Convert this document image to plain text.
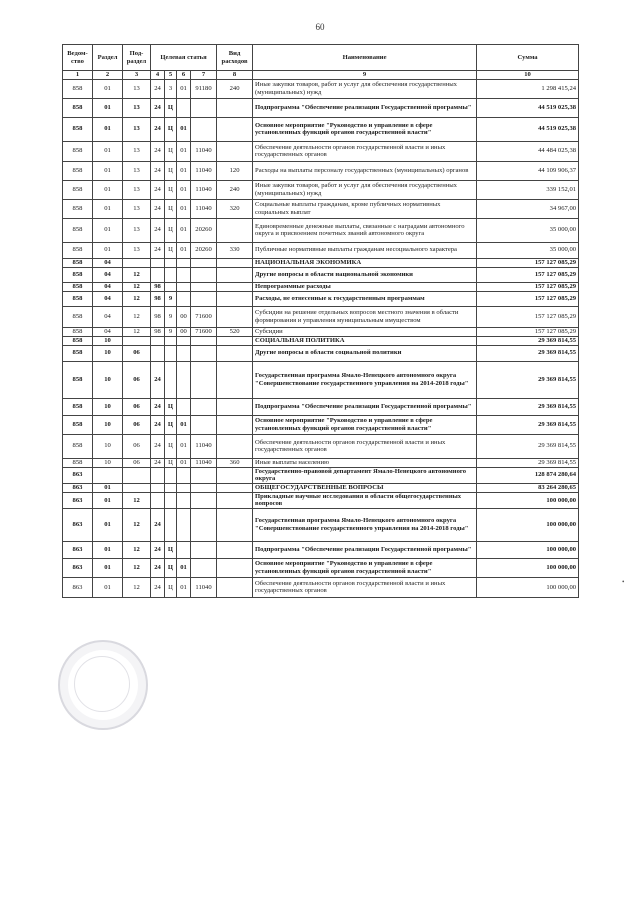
60
Ведом-ство	Раздел	Под-раздел	Целевая статья				Вид расходов	Наименование	Сумма
1	2	3	4	5	6	7	8	9	10
858	01	13	24	3	01	91180	240	Иные закупки товаров, работ и услуг для обеспечения государственных (муниципальных) нужд	1 298 415,24
858	01	13	24	Ц				Подпрограмма "Обеспечение реализации Государственной программы"	44 519 025,38
858	01	13	24	Ц	01			Основное мероприятие "Руководство и управление в сфере установленных функций органов государственной власти"	44 519 025,38
858	01	13	24	Ц	01	11040		Обеспечение деятельности органов государственной власти и иных государственных органов	44 484 025,38
858	01	13	24	Ц	01	11040	120	Расходы на выплаты персоналу государственных (муниципальных) органов	44 109 906,37
858	01	13	24	Ц	01	11040	240	Иные закупки товаров, работ и услуг для обеспечения государственных (муниципальных) нужд	339 152,01
858	01	13	24	Ц	01	11040	320	Социальные выплаты гражданам, кроме публичных нормативных социальных выплат	34 967,00
858	01	13	24	Ц	01	20260		Единовременные денежные выплаты, связанные с наградами автономного округа и присвоением почетных званий автономного округа	35 000,00
858	01	13	24	Ц	01	20260	330	Публичные нормативные выплаты гражданам несоциального характера	35 000,00
858	04							НАЦИОНАЛЬНАЯ ЭКОНОМИКА	157 127 085,29
858	04	12						Другие вопросы в области национальной экономики	157 127 085,29
858	04	12	98					Непрограммные расходы	157 127 085,29
858	04	12	98	9				Расходы, не отнесенные к государственным программам	157 127 085,29
858	04	12	98	9	00	71600		Субсидии на решение отдельных вопросов местного значения в области формирования и управления муниципальным имуществом	157 127 085,29
858	04	12	98	9	00	71600	520	Субсидии	157 127 085,29
858	10							СОЦИАЛЬНАЯ ПОЛИТИКА	29 369 814,55
858	10	06						Другие вопросы в области социальной политики	29 369 814,55
858	10	06	24					Государственная программа Ямало-Ненецкого автономного округа "Совершенствование государственного управления на 2014-2018 годы"	29 369 814,55
858	10	06	24	Ц				Подпрограмма "Обеспечение реализации Государственной программы"	29 369 814,55
858	10	06	24	Ц	01			Основное мероприятие "Руководство и управление в сфере установленных функций органов государственной власти"	29 369 814,55
858	10	06	24	Ц	01	11040		Обеспечение деятельности органов государственной власти и иных государственных органов	29 369 814,55
858	10	06	24	Ц	01	11040	360	Иные выплаты населению	29 369 814,55
863								Государственно-правовой департамент Ямало-Ненецкого автономного округа	128 874 280,64
863	01							ОБЩЕГОСУДАРСТВЕННЫЕ ВОПРОСЫ	83 264 280,65
863	01	12						Прикладные научные исследования в области общегосударственных вопросов	100 000,00
863	01	12	24					Государственная программа Ямало-Ненецкого автономного округа "Совершенствование государственного управления на 2014-2018 годы"	100 000,00
863	01	12	24	Ц				Подпрограмма "Обеспечение реализации Государственной программы"	100 000,00
863	01	12	24	Ц	01			Основное мероприятие "Руководство и управление в сфере установленных функций органов государственной власти"	100 000,00
863	01	12	24	Ц	01	11040		Обеспечение деятельности органов государственной власти и иных государственных органов	100 000,00
•
